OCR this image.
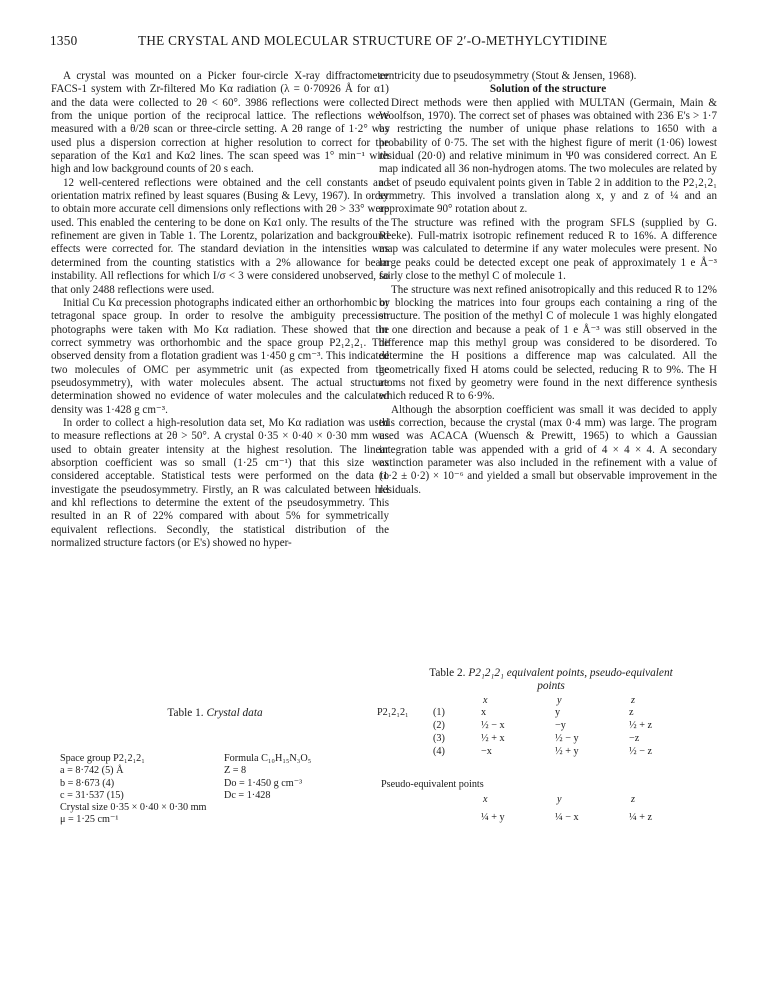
1350	THE CRYSTAL AND MOLECULAR STRUCTURE OF 2′-O-METHYLCYTIDINE

A crystal was mounted on a Picker four-circle X-ray diffractometer FACS-1 system with Zr-filtered Mo Kα radiation (λ = 0·70926 Å for α1) and the data were collected to 2θ < 60°. 3986 reflections were collected from the unique portion of the reciprocal lattice. The reflections were measured with a θ/2θ scan or three-circle setting. A 2θ range of 1·2° was used plus a dispersion correction at higher resolution to correct for the separation of the Kα1 and Kα2 lines. The scan speed was 1° min⁻¹ with high and low background counts of 20 s each.

12 well-centered reflections were obtained and the cell constants and orientation matrix refined by least squares (Busing & Levy, 1967). In order to obtain more accurate cell dimensions only reflections with 2θ > 33° were used. This enabled the centering to be done on Kα1 only. The results of the refinement are given in Table 1. The Lorentz, polarization and background effects were corrected for. The standard deviation in the intensities was determined from the counting statistics with a 2% allowance for beam instability. All reflections for which I/σ < 3 were considered unobserved, so that only 2488 reflections were used.

Initial Cu Kα precession photographs indicated either an orthorhombic or tetragonal space group. In order to resolve the ambiguity precession photographs were taken with Mo Kα radiation. These showed that the correct symmetry was orthorhombic and the space group P2₁2₁2₁. The observed density from a flotation gradient was 1·450 g cm⁻³. This indicated two molecules of OMC per asymmetric unit (as expected from the pseudosymmetry), with water molecules absent. The actual structure determination showed no evidence of water molecules and the calculated density was 1·428 g cm⁻³.

In order to collect a high-resolution data set, Mo Kα radiation was used to measure reflections at 2θ > 50°. A crystal 0·35 × 0·40 × 0·30 mm was used to obtain greater intensity at the highest resolution. The linear absorption coefficient was so small (1·25 cm⁻¹) that this size was considered acceptable. Statistical tests were performed on the data to investigate the pseudosymmetry. Firstly, an R was calculated between hkl and khl reflections to determine the extent of the pseudosymmetry. This resulted in an R of 22% compared with about 5% for symmetrically equivalent reflections. Secondly, the statistical distribution of the normalized structure factors (or E's) showed no hyper-

centricity due to pseudosymmetry (Stout & Jensen, 1968).

Solution of the structure

Direct methods were then applied with MULTAN (Germain, Main & Woolfson, 1970). The correct set of phases was obtained with 236 E's > 1·7 by restricting the number of unique phase relations to 1650 with a probability of 0·75. The set with the highest figure of merit (1·06) lowest residual (20·0) and relative minimum in Ψ0 was considered correct. An E map indicated all 36 non-hydrogen atoms. The two molecules are related by a set of pseudo equivalent points given in Table 2 in addition to the P2₁2₁2₁ symmetry. This involved a translation along x, y and z of ¼ and an approximate 90° rotation about z.

The structure was refined with the program SFLS (supplied by G. Reeke). Full-matrix isotropic refinement reduced R to 16%. A difference map was calculated to determine if any water molecules were present. No large peaks could be detected except one peak of approximately 1 e Å⁻³ fairly close to the methyl C of molecule 1.

The structure was next refined anisotropically and this reduced R to 12% by blocking the matrices into four groups each containing a ring of the structure. The position of the methyl C of molecule 1 was highly elongated in one direction and because a peak of 1 e Å⁻³ was still observed in the difference map this methyl group was considered to be disordered. To determine the H positions a difference map was calculated. All the geometrically fixed H atoms could be selected, reducing R to 9%. The H atoms not fixed by geometry were found in the next difference synthesis which reduced R to 6·9%.

Although the absorption coefficient was small it was decided to apply this correction, because the crystal (max 0·4 mm) was large. The program used was ACACA (Wuensch & Prewitt, 1965) to which a Gaussian integration table was appended with a grid of 4 × 4 × 4. A secondary extinction parameter was also included in the refinement with a value of (1·2 ± 0·2) × 10⁻⁶ and yielded a small but observable improvement in the residuals.

Table 1. Crystal data
Space group P2₁2₁2₁	Formula C₁₀H₁₅N₃O₅
a = 8·742 (5) Å	Z = 8
b = 8·673 (4)	Do = 1·450 g cm⁻³
c = 31·537 (15)	Dc = 1·428
Crystal size 0·35 × 0·40 × 0·30 mm
μ = 1·25 cm⁻¹
Table 2. P2₁2₁2₁ equivalent points, pseudo-equivalent
points
P2₁2₁2₁
x	y	z
(1)	x	y	z
(2)	½ − x	−y	½ + z
(3)	½ + x	½ − y	−z
(4)	−x	½ + y	½ − z
Pseudo-equivalent points
x	y	z
¼ + y	¼ − x	¼ + z
